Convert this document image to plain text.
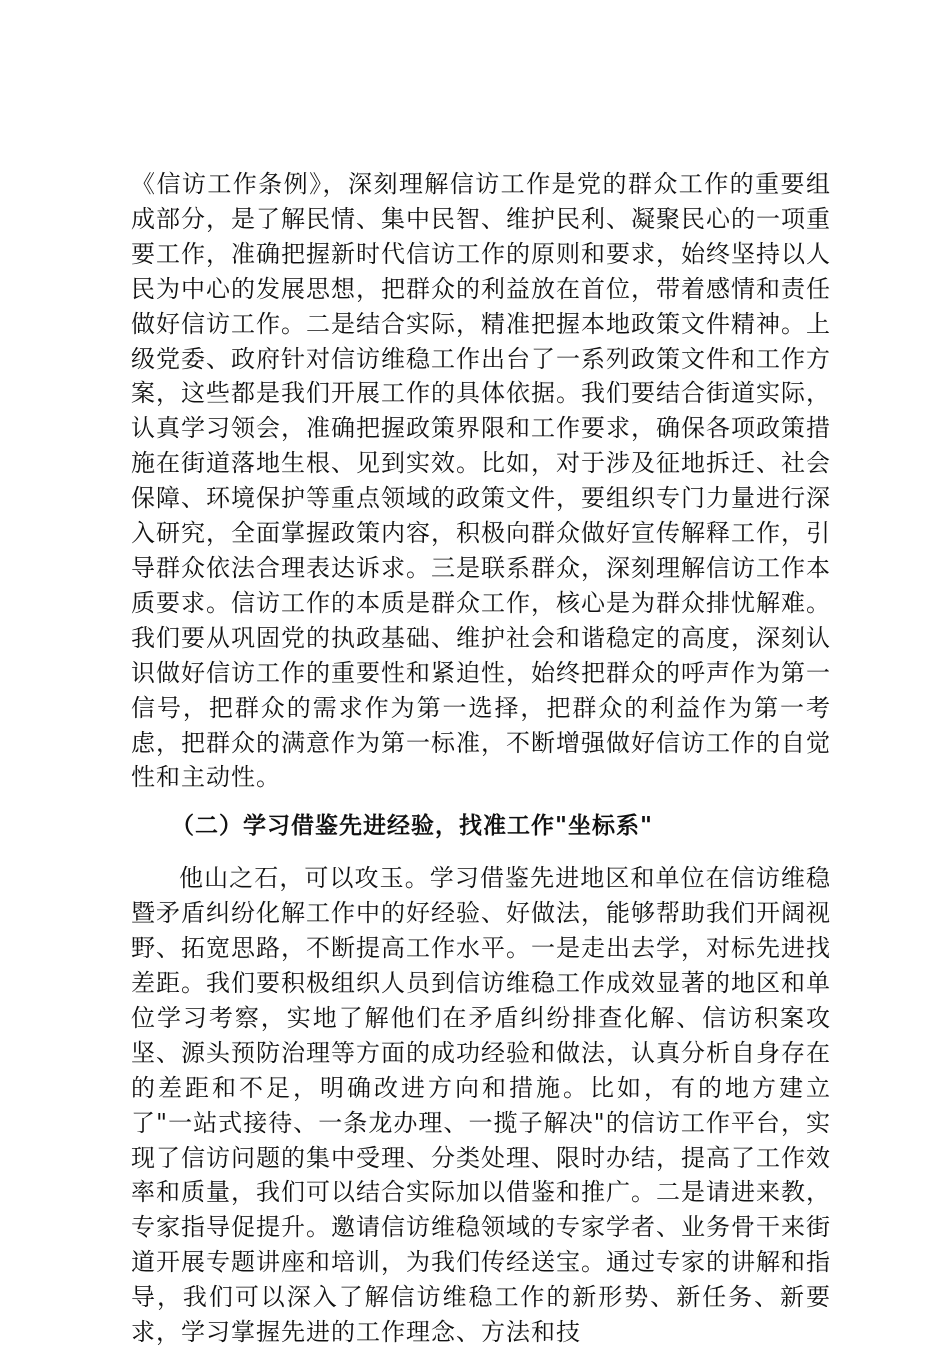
《信访工作条例》，深刻理解信访工作是党的群众工作的重要组成部分，是了解民情、集中民智、维护民利、凝聚民心的一项重要工作，准确把握新时代信访工作的原则和要求，始终坚持以人民为中心的发展思想，把群众的利益放在首位，带着感情和责任做好信访工作。二是结合实际，精准把握本地政策文件精神。上级党委、政府针对信访维稳工作出台了一系列政策文件和工作方案，这些都是我们开展工作的具体依据。我们要结合街道实际，认真学习领会，准确把握政策界限和工作要求，确保各项政策措施在街道落地生根、见到实效。比如，对于涉及征地拆迁、社会保障、环境保护等重点领域的政策文件，要组织专门力量进行深入研究，全面掌握政策内容，积极向群众做好宣传解释工作，引导群众依法合理表达诉求。三是联系群众，深刻理解信访工作本质要求。信访工作的本质是群众工作，核心是为群众排忧解难。我们要从巩固党的执政基础、维护社会和谐稳定的高度，深刻认识做好信访工作的重要性和紧迫性，始终把群众的呼声作为第一信号，把群众的需求作为第一选择，把群众的利益作为第一考虑，把群众的满意作为第一标准，不断增强做好信访工作的自觉性和主动性。

（二）学习借鉴先进经验，找准工作"坐标系"

他山之石，可以攻玉。学习借鉴先进地区和单位在信访维稳暨矛盾纠纷化解工作中的好经验、好做法，能够帮助我们开阔视野、拓宽思路，不断提高工作水平。一是走出去学，对标先进找差距。我们要积极组织人员到信访维稳工作成效显著的地区和单位学习考察，实地了解他们在矛盾纠纷排查化解、信访积案攻坚、源头预防治理等方面的成功经验和做法，认真分析自身存在的差距和不足，明确改进方向和措施。比如，有的地方建立了"一站式接待、一条龙办理、一揽子解决"的信访工作平台，实现了信访问题的集中受理、分类处理、限时办结，提高了工作效率和质量，我们可以结合实际加以借鉴和推广。二是请进来教，专家指导促提升。邀请信访维稳领域的专家学者、业务骨干来街道开展专题讲座和培训，为我们传经送宝。通过专家的讲解和指导，我们可以深入了解信访维稳工作的新形势、新任务、新要求，学习掌握先进的工作理念、方法和技
